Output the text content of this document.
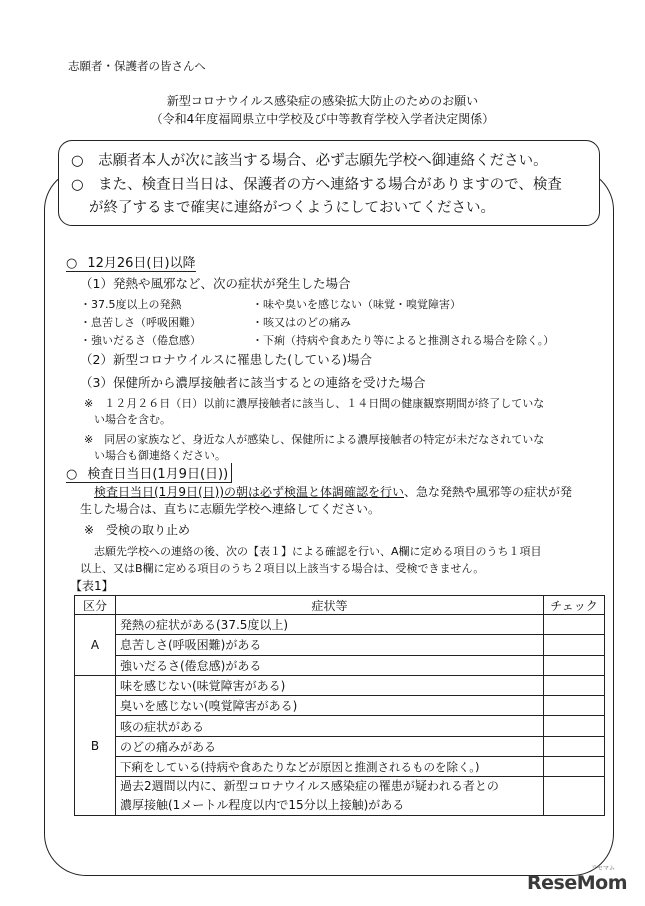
志願者・保護者の皆さんへ
新型コロナウイルス感染症の感染拡大防止のためのお願い
（令和4年度福岡県立中学校及び中等教育学校入学者決定関係）
○　志願者本人が次に該当する場合、必ず志願先学校へ御連絡ください。
○　また、検査日当日は、保護者の方へ連絡する場合がありますので、検査
が終了するまで確実に連絡がつくようにしておいてください。
○ 12月26日(日)以降
（1）発熱や風邪など、次の症状が発生した場合
・37.5度以上の発熱
・息苦しさ（呼吸困難）
・強いだるさ（倦怠感）
・味や臭いを感じない（味覚・嗅覚障害）
・咳又はのどの痛み
・下痢（持病や食あたり等によると推測される場合を除く。）
（2）新型コロナウイルスに罹患した(している)場合
（3）保健所から濃厚接触者に該当するとの連絡を受けた場合
※　１２月２６日（日）以前に濃厚接触者に該当し、１４日間の健康観察期間が終了していな
い場合を含む。
※　同居の家族など、身近な人が感染し、保健所による濃厚接触者の特定が未だなされていな
い場合も御連絡ください。
○ 検査日当日(1月9日(日))
検査日当日(1月9日(日))の朝は必ず検温と体調確認を行い、急な発熱や風邪等の症状が発
生した場合は、直ちに志願先学校へ連絡してください。
※　受検の取り止め
志願先学校への連絡の後、次の【表１】による確認を行い、A欄に定める項目のうち１項目
以上、又はB欄に定める項目のうち２項目以上該当する場合は、受検できません。
【表1】
区分	症状等	チェック
A	発熱の症状がある(37.5度以上)	
	息苦しさ(呼吸困難)がある	
	強いだるさ(倦怠感)がある	
B	味を感じない(味覚障害がある)	
	臭いを感じない(嗅覚障害がある)	
	咳の症状がある	
	のどの痛みがある	
	下痢をしている(持病や食あたりなどが原因と推測されるものを除く。)	

	過去2週間以内に、新型コロナウイルス感染症の罹患が疑われる者との
濃厚接触(1メートル程度以内で15分以上接触)がある	

リセマム
ReseMom
